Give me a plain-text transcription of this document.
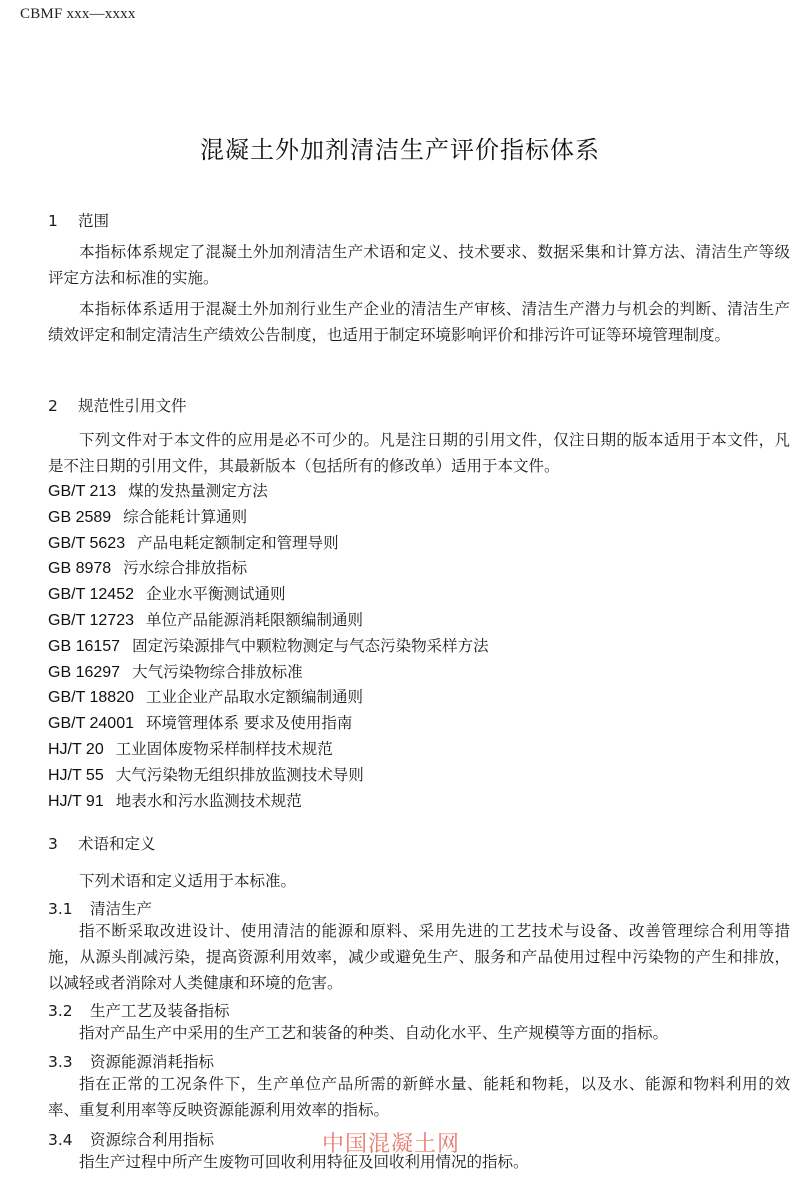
CBMF xxx—xxxx
混凝土外加剂清洁生产评价指标体系
1 范围
本指标体系规定了混凝土外加剂清洁生产术语和定义、技术要求、数据采集和计算方法、清洁生产等级评定方法和标准的实施。
本指标体系适用于混凝土外加剂行业生产企业的清洁生产审核、清洁生产潜力与机会的判断、清洁生产绩效评定和制定清洁生产绩效公告制度，也适用于制定环境影响评价和排污许可证等环境管理制度。
2 规范性引用文件
下列文件对于本文件的应用是必不可少的。凡是注日期的引用文件，仅注日期的版本适用于本文件，凡是不注日期的引用文件，其最新版本（包括所有的修改单）适用于本文件。
GB/T 213 煤的发热量测定方法
GB 2589 综合能耗计算通则
GB/T 5623 产品电耗定额制定和管理导则
GB 8978 污水综合排放指标
GB/T 12452 企业水平衡测试通则
GB/T 12723 单位产品能源消耗限额编制通则
GB 16157 固定污染源排气中颗粒物测定与气态污染物采样方法
GB 16297 大气污染物综合排放标准
GB/T 18820 工业企业产品取水定额编制通则
GB/T 24001 环境管理体系 要求及使用指南
HJ/T 20 工业固体废物采样制样技术规范
HJ/T 55 大气污染物无组织排放监测技术导则
HJ/T 91 地表水和污水监测技术规范
3 术语和定义
下列术语和定义适用于本标准。
3.1 清洁生产
指不断采取改进设计、使用清洁的能源和原料、采用先进的工艺技术与设备、改善管理综合利用等措施，从源头削减污染，提高资源利用效率，减少或避免生产、服务和产品使用过程中污染物的产生和排放，以减轻或者消除对人类健康和环境的危害。
3.2 生产工艺及装备指标
指对产品生产中采用的生产工艺和装备的种类、自动化水平、生产规模等方面的指标。
3.3 资源能源消耗指标
指在正常的工况条件下，生产单位产品所需的新鲜水量、能耗和物耗，以及水、能源和物料利用的效率、重复利用率等反映资源能源利用效率的指标。
3.4 资源综合利用指标
指生产过程中所产生废物可回收利用特征及回收利用情况的指标。
中国混凝土网
